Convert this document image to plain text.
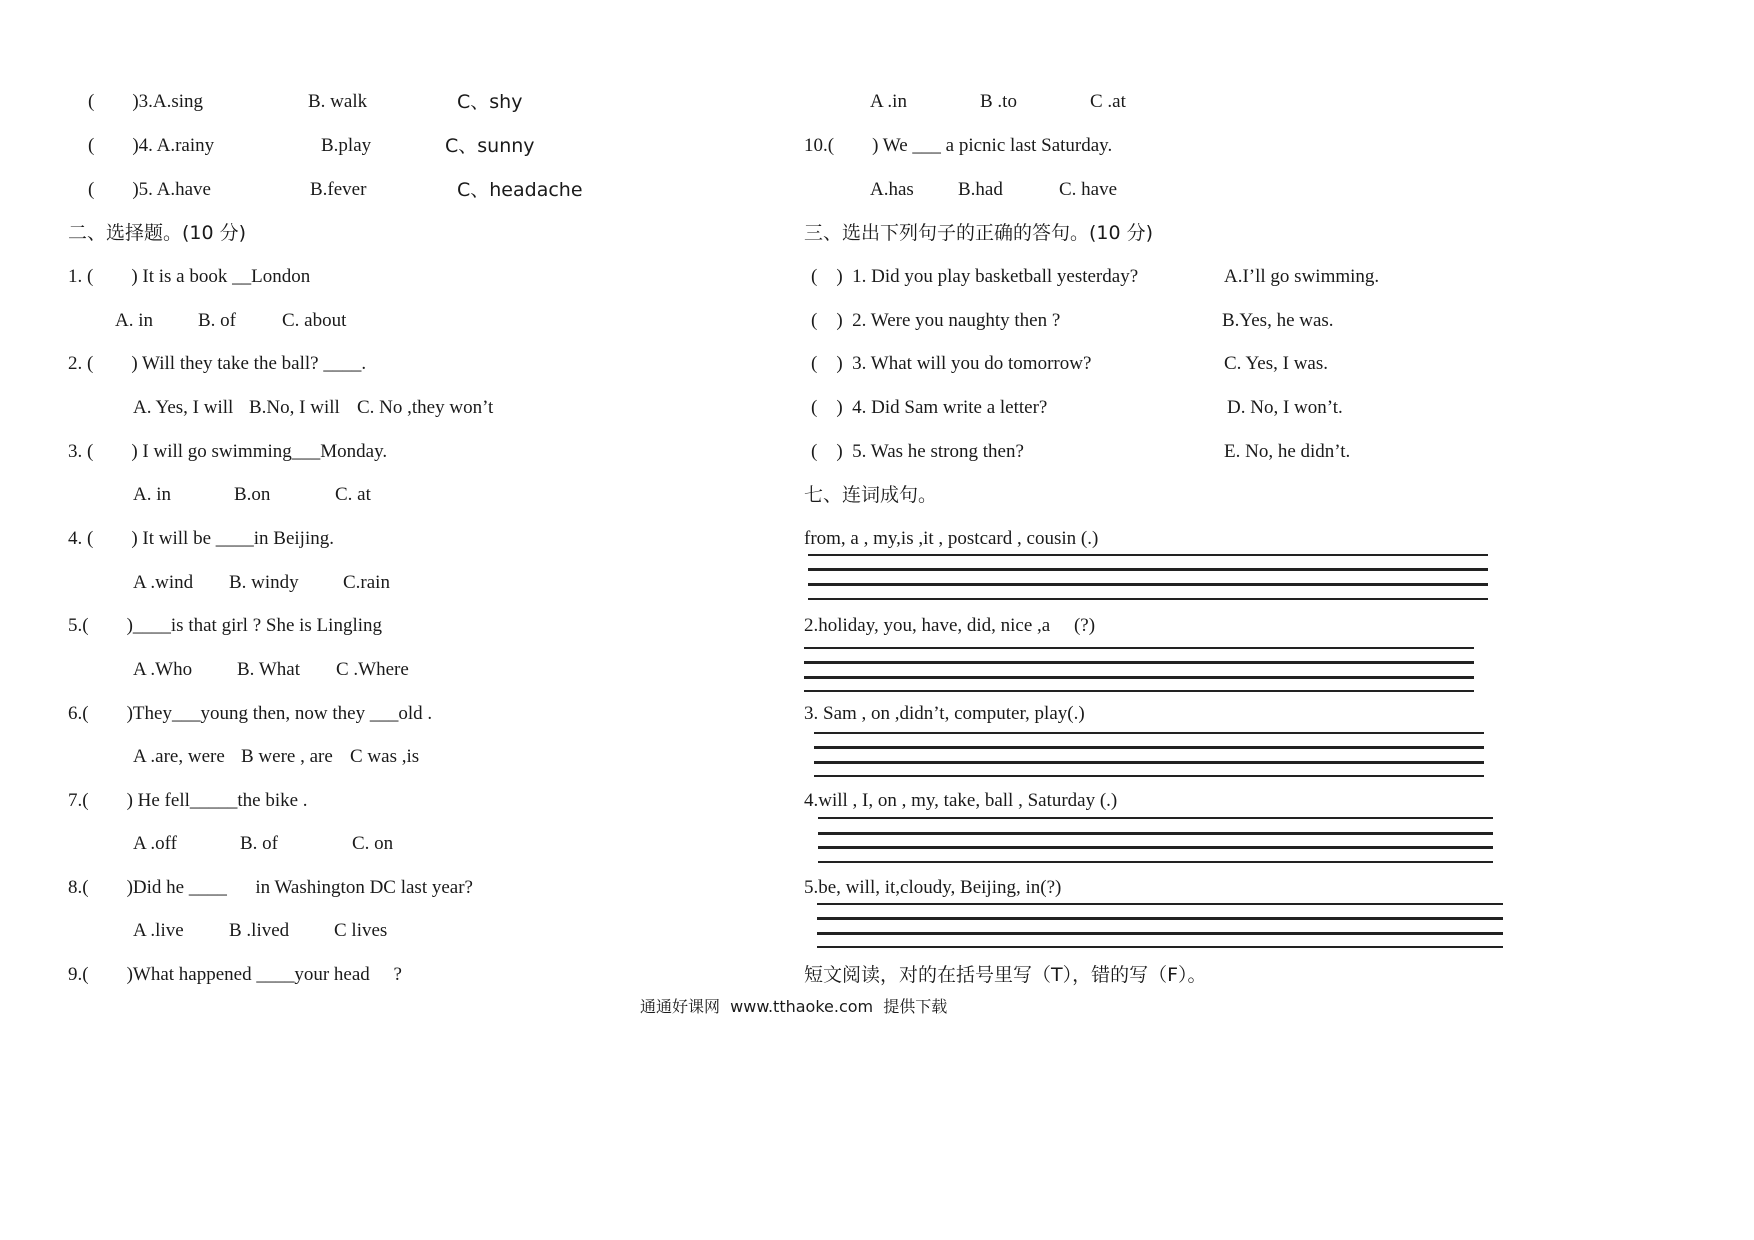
(        )3.A.sing	B. walk	C、shy
(        )4. A.rainy	B.play	C、sunny
(        )5. A.have	B.fever	C、headache
二、选择题。(10 分)
1. (        ) It is a book __London
A. in B. of C. about
2. (        ) Will they take the ball? ____.
A. Yes, I will B.No, I will C. No ,they won’t
3. (        ) I will go swimming___Monday.
A. in	B.on	C. at
4. (        ) It will be ____in Beijing.
A .wind B. windy C.rain
5.(        )____is that girl ? She is Lingling
A .Who B. What C .Where
6.(        )They___young then, now they ___old .
A .are, were B were , are C was ,is
7.(        ) He fell_____the bike .
A .off	B. of	C. on
8.(        )Did he ____      in Washington DC last year?
A .live B .lived C lives
9.(        )What happened ____your head     ?
A .in	B .to	C .at
10.(        ) We ___ a picnic last Saturday.
A.has B.had	C. have
三、选出下列句子的正确的答句。(10 分)
(    )  1. Did you play basketball yesterday?	A.I’ll go swimming.
(    )  2. Were you naughty then ?	B.Yes, he was.
(    )  3. What will you do tomorrow?	C. Yes, I was.
(    )  4. Did Sam write a letter?	D. No, I won’t.
(    )  5. Was he strong then?	E. No, he didn’t.
七、连词成句。
from, a , my,is ,it , postcard , cousin (.)
2.holiday, you, have, did, nice ,a     (?)
3. Sam , on ,didn’t, computer, play(.)
4.will , I, on , my, take, ball , Saturday (.)
5.be, will, it,cloudy, Beijing, in(?)
短文阅读，对的在括号里写（T），错的写（F）。
通通好课网  www.tthaoke.com  提供下载
